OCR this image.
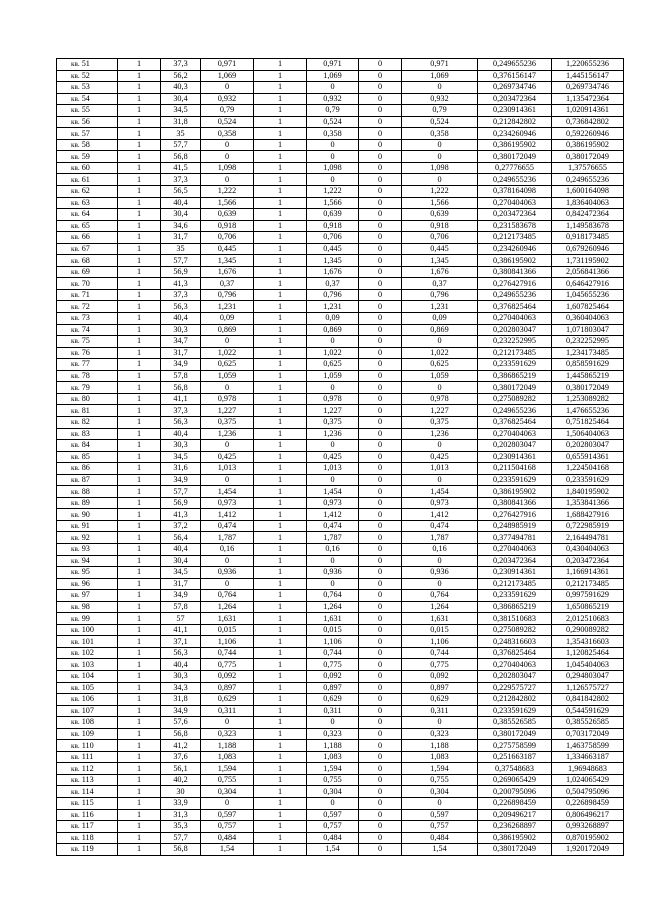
кв. 51	1	37,3	0,971	1	0,971	0	0,971	0,249655236	1,220655236
кв. 52	1	56,2	1,069	1	1,069	0	1,069	0,376156147	1,445156147
кв. 53	1	40,3	0	1	0	0	0	0,269734746	0,269734746
кв. 54	1	30,4	0,932	1	0,932	0	0,932	0,203472364	1,135472364
кв. 55	1	34,5	0,79	1	0,79	0	0,79	0,230914361	1,020914361
кв. 56	1	31,8	0,524	1	0,524	0	0,524	0,212842802	0,736842802
кв. 57	1	35	0,358	1	0,358	0	0,358	0,234260946	0,592260946
кв. 58	1	57,7	0	1	0	0	0	0,386195902	0,386195902
кв. 59	1	56,8	0	1	0	0	0	0,380172049	0,380172049
кв. 60	1	41,5	1,098	1	1,098	0	1,098	0,27776655	1,37576655
кв. 61	1	37,3	0	1	0	0	0	0,249655236	0,249655236
кв. 62	1	56,5	1,222	1	1,222	0	1,222	0,378164098	1,600164098
кв. 63	1	40,4	1,566	1	1,566	0	1,566	0,270404063	1,836404063
кв. 64	1	30,4	0,639	1	0,639	0	0,639	0,203472364	0,842472364
кв. 65	1	34,6	0,918	1	0,918	0	0,918	0,231583678	1,149583678
кв. 66	1	31,7	0,706	1	0,706	0	0,706	0,212173485	0,918173485
кв. 67	1	35	0,445	1	0,445	0	0,445	0,234260946	0,679260946
кв. 68	1	57,7	1,345	1	1,345	0	1,345	0,386195902	1,731195902
кв. 69	1	56,9	1,676	1	1,676	0	1,676	0,380841366	2,056841366
кв. 70	1	41,3	0,37	1	0,37	0	0,37	0,276427916	0,646427916
кв. 71	1	37,3	0,796	1	0,796	0	0,796	0,249655236	1,045655236
кв. 72	1	56,3	1,231	1	1,231	0	1,231	0,376825464	1,607825464
кв. 73	1	40,4	0,09	1	0,09	0	0,09	0,270404063	0,360404063
кв. 74	1	30,3	0,869	1	0,869	0	0,869	0,202803047	1,071803047
кв. 75	1	34,7	0	1	0	0	0	0,232252995	0,232252995
кв. 76	1	31,7	1,022	1	1,022	0	1,022	0,212173485	1,234173485
кв. 77	1	34,9	0,625	1	0,625	0	0,625	0,233591629	0,858591629
кв. 78	1	57,8	1,059	1	1,059	0	1,059	0,386865219	1,445865219
кв. 79	1	56,8	0	1	0	0	0	0,380172049	0,380172049
кв. 80	1	41,1	0,978	1	0,978	0	0,978	0,275089282	1,253089282
кв. 81	1	37,3	1,227	1	1,227	0	1,227	0,249655236	1,476655236
кв. 82	1	56,3	0,375	1	0,375	0	0,375	0,376825464	0,751825464
кв. 83	1	40,4	1,236	1	1,236	0	1,236	0,270404063	1,506404063
кв. 84	1	30,3	0	1	0	0	0	0,202803047	0,202803047
кв. 85	1	34,5	0,425	1	0,425	0	0,425	0,230914361	0,655914361
кв. 86	1	31,6	1,013	1	1,013	0	1,013	0,211504168	1,224504168
кв. 87	1	34,9	0	1	0	0	0	0,233591629	0,233591629
кв. 88	1	57,7	1,454	1	1,454	0	1,454	0,386195902	1,840195902
кв. 89	1	56,9	0,973	1	0,973	0	0,973	0,380841366	1,353841366
кв. 90	1	41,3	1,412	1	1,412	0	1,412	0,276427916	1,688427916
кв. 91	1	37,2	0,474	1	0,474	0	0,474	0,248985919	0,722985919
кв. 92	1	56,4	1,787	1	1,787	0	1,787	0,377494781	2,164494781
кв. 93	1	40,4	0,16	1	0,16	0	0,16	0,270404063	0,430404063
кв. 94	1	30,4	0	1	0	0	0	0,203472364	0,203472364
кв. 95	1	34,5	0,936	1	0,936	0	0,936	0,230914361	1,166914361
кв. 96	1	31,7	0	1	0	0	0	0,212173485	0,212173485
кв. 97	1	34,9	0,764	1	0,764	0	0,764	0,233591629	0,997591629
кв. 98	1	57,8	1,264	1	1,264	0	1,264	0,386865219	1,650865219
кв. 99	1	57	1,631	1	1,631	0	1,631	0,381510683	2,012510683
кв. 100	1	41,1	0,015	1	0,015	0	0,015	0,275089282	0,290089282
кв. 101	1	37,1	1,106	1	1,106	0	1,106	0,248316603	1,354316603
кв. 102	1	56,3	0,744	1	0,744	0	0,744	0,376825464	1,120825464
кв. 103	1	40,4	0,775	1	0,775	0	0,775	0,270404063	1,045404063
кв. 104	1	30,3	0,092	1	0,092	0	0,092	0,202803047	0,294803047
кв. 105	1	34,3	0,897	1	0,897	0	0,897	0,229575727	1,126575727
кв. 106	1	31,8	0,629	1	0,629	0	0,629	0,212842802	0,841842802
кв. 107	1	34,9	0,311	1	0,311	0	0,311	0,233591629	0,544591629
кв. 108	1	57,6	0	1	0	0	0	0,385526585	0,385526585
кв. 109	1	56,8	0,323	1	0,323	0	0,323	0,380172049	0,703172049
кв. 110	1	41,2	1,188	1	1,188	0	1,188	0,275758599	1,463758599
кв. 111	1	37,6	1,083	1	1,083	0	1,083	0,251663187	1,334663187
кв. 112	1	56,1	1,594	1	1,594	0	1,594	0,37548683	1,96948683
кв. 113	1	40,2	0,755	1	0,755	0	0,755	0,269065429	1,024065429
кв. 114	1	30	0,304	1	0,304	0	0,304	0,200795096	0,504795096
кв. 115	1	33,9	0	1	0	0	0	0,226898459	0,226898459
кв. 116	1	31,3	0,597	1	0,597	0	0,597	0,209496217	0,806496217
кв. 117	1	35,3	0,757	1	0,757	0	0,757	0,236268897	0,993268897
кв. 118	1	57,7	0,484	1	0,484	0	0,484	0,386195902	0,870195902
кв. 119	1	56,8	1,54	1	1,54	0	1,54	0,380172049	1,920172049
